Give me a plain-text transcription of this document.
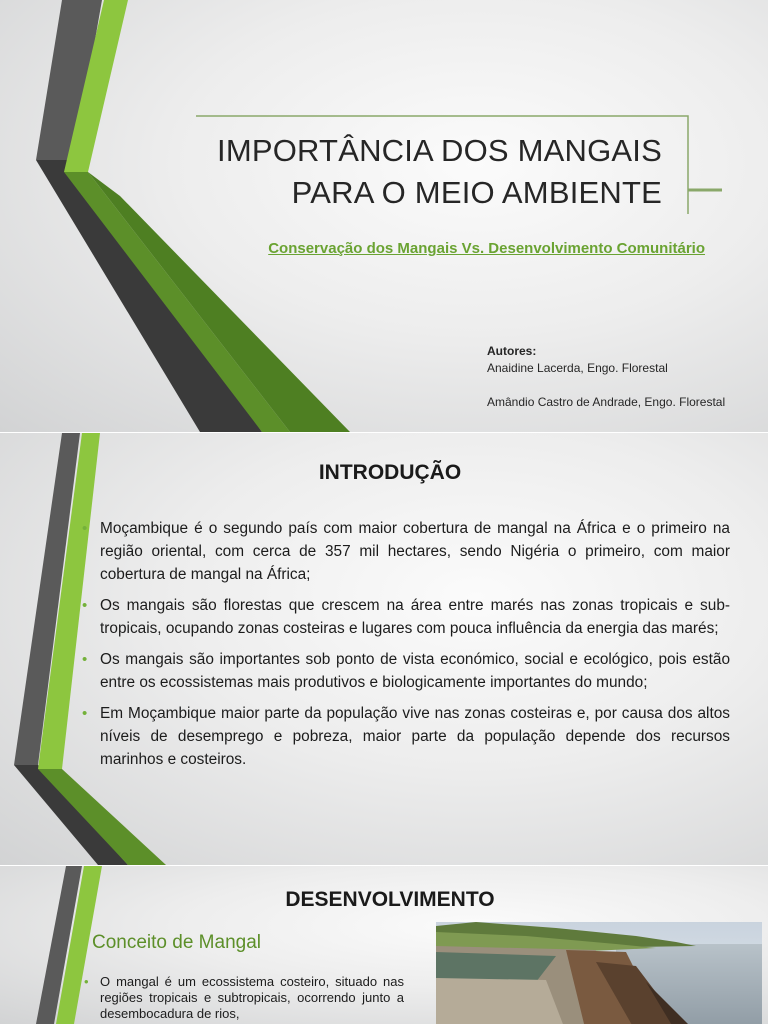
IMPORTÂNCIA DOS MANGAIS
PARA O MEIO AMBIENTE
Conservação dos Mangais Vs. Desenvolvimento Comunitário
Autores:
Anaidine Lacerda, Engo. Florestal
Amândio Castro de Andrade, Engo. Florestal
INTRODUÇÃO
• Moçambique é o segundo país com maior cobertura de mangal na África e o primeiro na região oriental, com cerca de 357 mil hectares, sendo Nigéria o primeiro, com maior cobertura de mangal na África;
• Os mangais são florestas que crescem na área entre marés nas zonas tropicais e sub-tropicais, ocupando zonas costeiras e lugares com pouca influência da energia das marés;
• Os mangais são importantes sob ponto de vista económico, social e ecológico, pois estão entre os ecossistemas mais produtivos e biologicamente importantes do mundo;
• Em Moçambique maior parte da população vive nas zonas costeiras e, por causa dos altos níveis de desemprego e pobreza, maior parte da população depende dos recursos marinhos e costeiros.
DESENVOLVIMENTO
Conceito de Mangal
• O mangal é um ecossistema costeiro, situado nas regiões tropicais e subtropicais, ocorrendo junto a desembocadura de rios,
